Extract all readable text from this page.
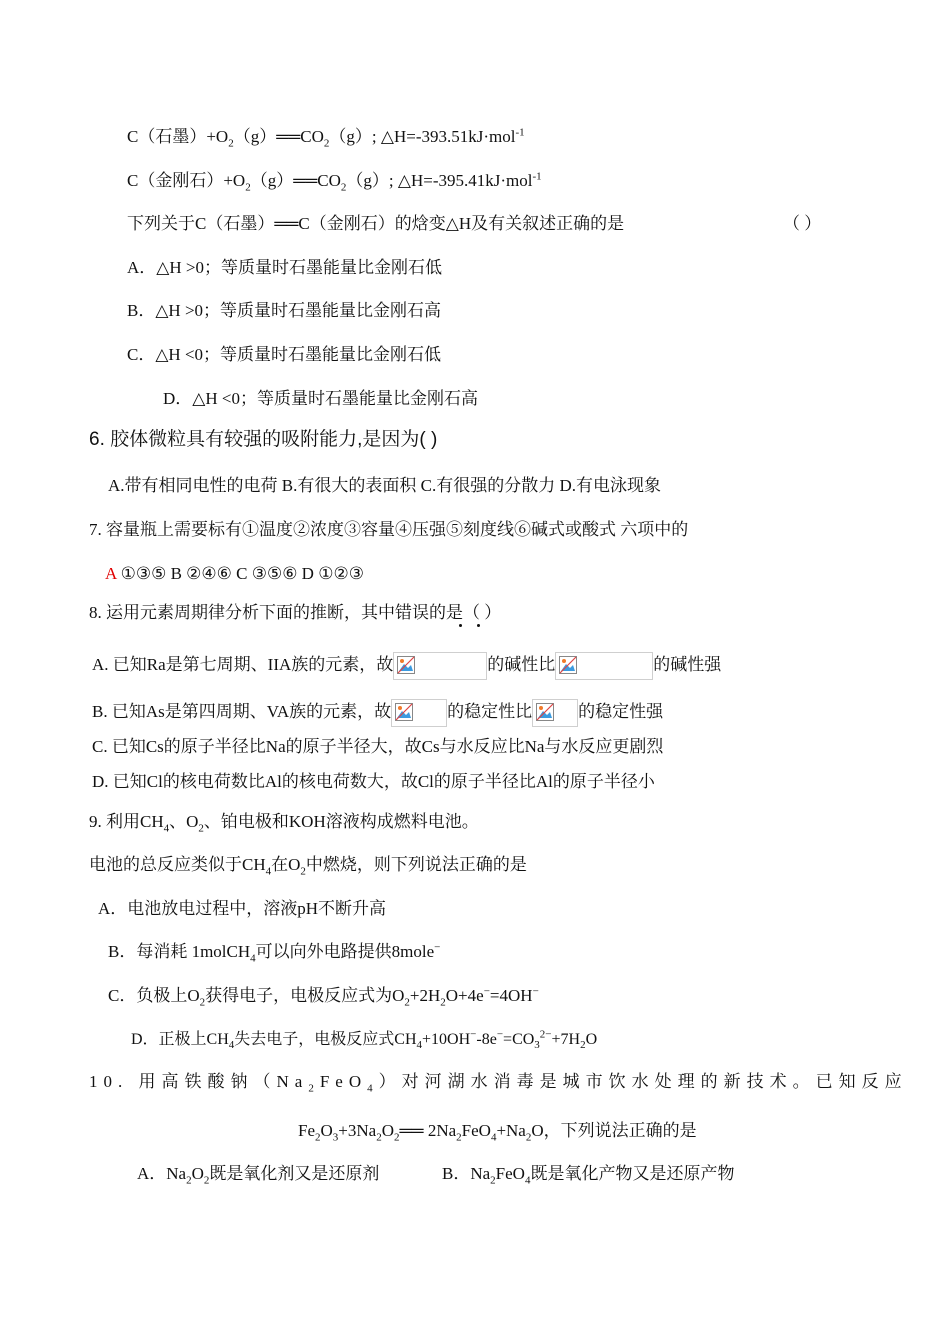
C（石墨）$+O_2(g)══CO_2(g)$; △H=-393.51kJ·mol$^{-1}$
C（金刚石）$+O_2(g)══CO_2(g)$; △H=-395.41kJ·mol$^{-1}$
下列关于C（石墨）══C（金刚石）的焓变△H及有关叙述正确的是	（ ）
A．△H >0；等质量时石墨能量比金刚石低
B．△H >0；等质量时石墨能量比金刚石高
C．△H <0；等质量时石墨能量比金刚石低
D．△H <0；等质量时石墨能量比金刚石高
6. 胶体微粒具有较强的吸附能力,是因为( )
A.带有相同电性的电荷 B.有很大的表面积 C.有很强的分散力 D.有电泳现象
7. 容量瓶上需要标有①温度②浓度③容量④压强⑤刻度线⑥碱式或酸式 六项中的
A ①③⑤ B ②④⑥ C ③⑤⑥ D ①②③
8. 运用元素周期律分析下面的推断，其中错误的是（ ）
A. 已知Ra是第七周期、IIA族的元素，故	的碱性比	的碱性强
B. 已知As是第四周期、VA族的元素，故	的稳定性比	的稳定性强
C. 已知Cs的原子半径比Na的原子半径大，故Cs与水反应比Na与水反应更剧烈
D. 已知Cl的核电荷数比Al的核电荷数大，故Cl的原子半径比Al的原子半径小
9. 利用$CH_4$、$O_2$、铂电极和KOH溶液构成燃料电池。
电池的总反应类似于$CH_4$在$O_2$中燃烧，则下列说法正确的是
A．电池放电过程中，溶液pH不断升高
B．每消耗 1molCH$_4$可以向外电路提供8mole−
C．负极上$O_2$获得电子，电极反应式为$O_2+2H_2O+4e^-=4OH^-$
D．正极上$CH_4$失去电子，电极反应式$CH_4+10OH^--8e^-=CO_3^{2-}+7H_2O$
10. 用高铁酸钠$(Na_2FeO_4)$对河湖水消毒是城市饮水处理的新技术。已知反应
$Fe_2O_3+3Na_2O_2══$ $2Na_2FeO_4+Na_2O$，下列说法正确的是
A．$Na_2O_2$既是氧化剂又是还原剂	B．$Na_2FeO_4$既是氧化产物又是还原产物
